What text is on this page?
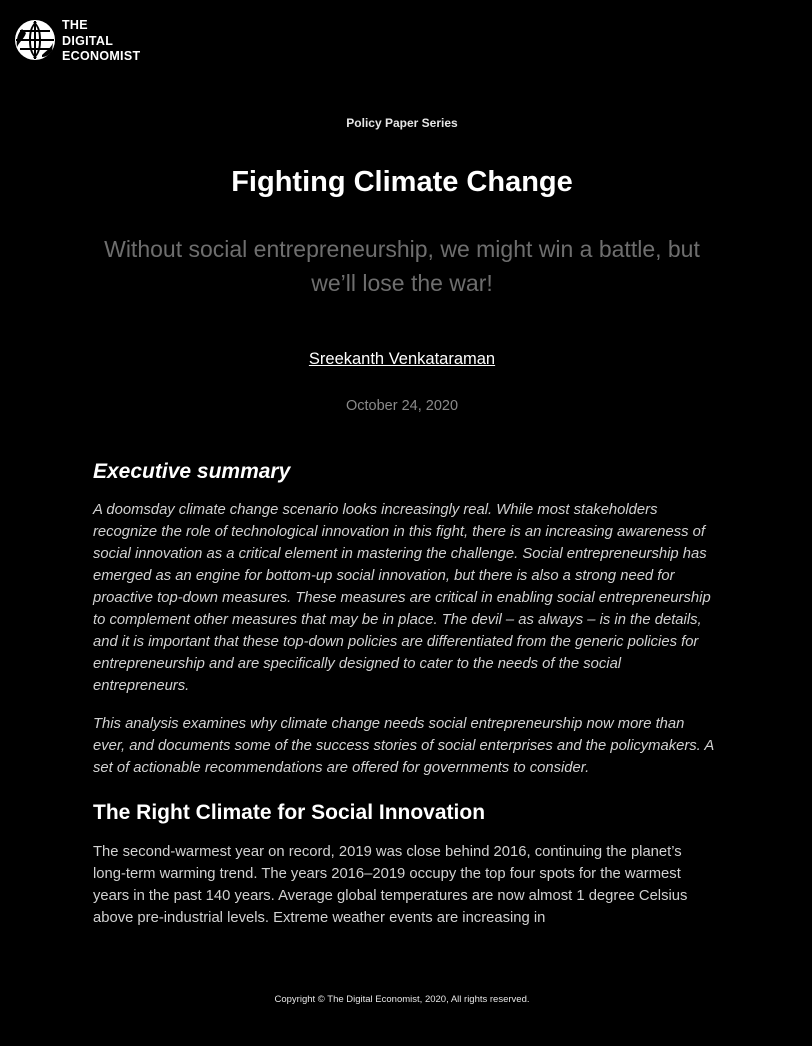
THE
DIGITAL
ECONOMIST
Policy Paper Series
Fighting Climate Change

Without social entrepreneurship, we might win a battle, but we’ll lose the war!

Sreekanth Venkataraman
October 24, 2020
Executive summary

A doomsday climate change scenario looks increasingly real. While most stakeholders recognize the role of technological innovation in this fight, there is an increasing awareness of social innovation as a critical element in mastering the challenge. Social entrepreneurship has emerged as an engine for bottom-up social innovation, but there is also a strong need for proactive top-down measures. These measures are critical in enabling social entrepreneurship to complement other measures that may be in place. The devil – as always – is in the details, and it is important that these top-down policies are differentiated from the generic policies for entrepreneurship and are specifically designed to cater to the needs of the social entrepreneurs.

This analysis examines why climate change needs social entrepreneurship now more than ever, and documents some of the success stories of social enterprises and the policymakers. A set of actionable recommendations are offered for governments to consider.

The Right Climate for Social Innovation

The second-warmest year on record, 2019 was close behind 2016, continuing the planet’s long-term warming trend. The years 2016–2019 occupy the top four spots for the warmest years in the past 140 years. Average global temperatures are now almost 1 degree Celsius above pre-industrial levels. Extreme weather events are increasing in

Copyright © The Digital Economist, 2020, All rights reserved.
